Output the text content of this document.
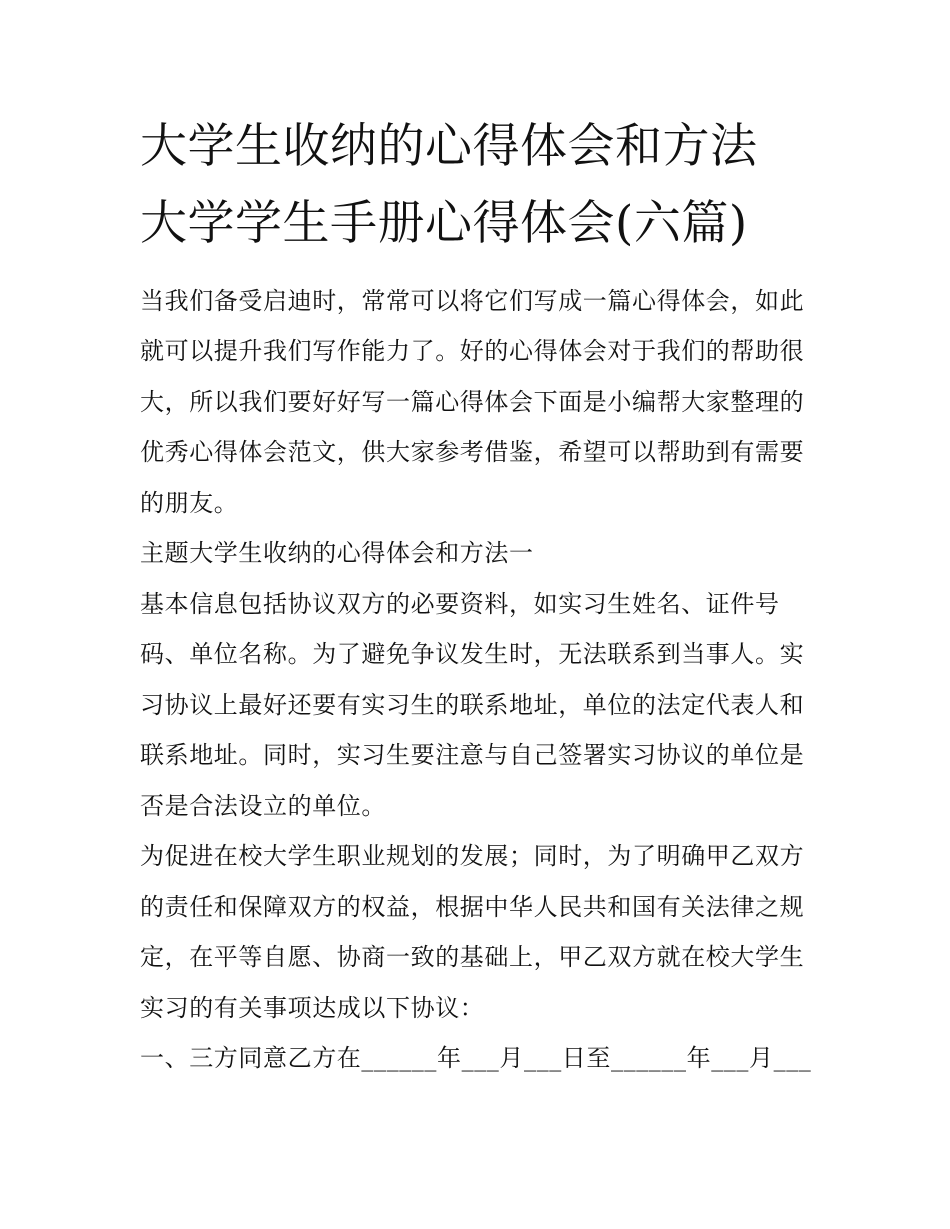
大学生收纳的心得体会和方法
大学学生手册心得体会(六篇)

当我们备受启迪时，常常可以将它们写成一篇心得体会，如此

就可以提升我们写作能力了。好的心得体会对于我们的帮助很

大，所以我们要好好写一篇心得体会下面是小编帮大家整理的

优秀心得体会范文，供大家参考借鉴，希望可以帮助到有需要

的朋友。

主题大学生收纳的心得体会和方法一

基本信息包括协议双方的必要资料，如实习生姓名、证件号

码、单位名称。为了避免争议发生时，无法联系到当事人。实

习协议上最好还要有实习生的联系地址，单位的法定代表人和

联系地址。同时，实习生要注意与自己签署实习协议的单位是

否是合法设立的单位。

为促进在校大学生职业规划的发展；同时，为了明确甲乙双方

的责任和保障双方的权益，根据中华人民共和国有关法律之规

定，在平等自愿、协商一致的基础上，甲乙双方就在校大学生

实习的有关事项达成以下协议：

一、三方同意乙方在______年___月___日至______年___月___
